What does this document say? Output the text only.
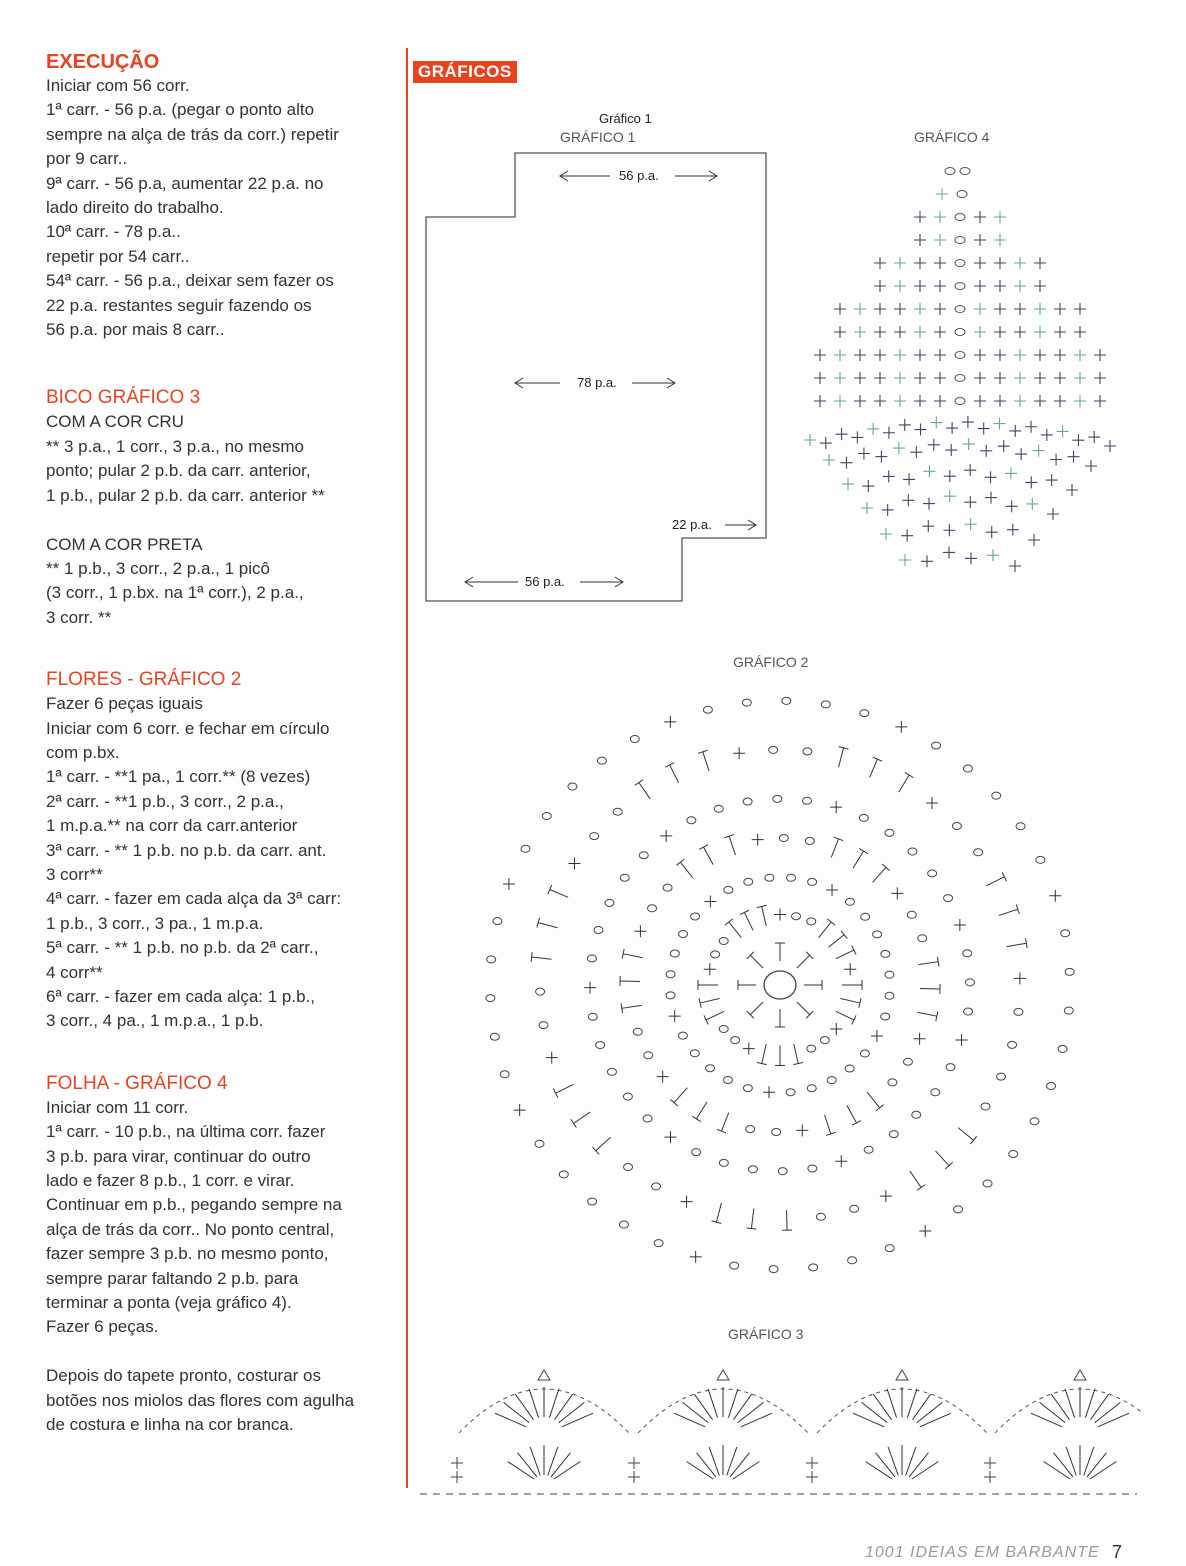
EXECUÇÃO
Iniciar com 56 corr.
1ª carr. - 56 p.a. (pegar o ponto alto
sempre na alça de trás da corr.) repetir
por 9 carr..
9ª carr. - 56 p.a, aumentar 22 p.a. no
lado direito do trabalho.
10ª carr. - 78 p.a..
repetir por 54 carr..
54ª carr. - 56 p.a., deixar sem fazer os
22 p.a. restantes seguir fazendo os
56 p.a. por mais 8 carr..
BICO GRÁFICO 3
COM A COR CRU
** 3 p.a., 1 corr., 3 p.a., no mesmo
ponto; pular 2 p.b. da carr. anterior,
1 p.b., pular 2 p.b. da carr. anterior **

COM A COR PRETA
** 1 p.b., 3 corr., 2 p.a., 1 picô
(3 corr., 1 p.bx. na 1ª corr.), 2 p.a.,
3 corr. **
FLORES - GRÁFICO 2
Fazer 6 peças iguais
Iniciar com 6 corr. e fechar em círculo
com p.bx.
1ª carr. - **1 pa., 1 corr.** (8 vezes)
2ª carr. - **1 p.b., 3 corr., 2 p.a.,
1 m.p.a.** na corr da carr.anterior
3ª carr. - ** 1 p.b. no p.b. da carr. ant.
3 corr**
4ª carr. - fazer em cada alça da 3ª carr:
1 p.b., 3 corr., 3 pa., 1 m.p.a.
5ª carr. - ** 1 p.b. no p.b. da 2ª carr.,
4 corr**
6ª carr. - fazer em cada alça: 1 p.b.,
3 corr., 4 pa., 1 m.p.a., 1 p.b.
FOLHA - GRÁFICO 4
Iniciar com 11 corr.
1ª carr. - 10 p.b., na última corr. fazer
3 p.b. para virar, continuar do outro
lado e fazer 8 p.b., 1 corr. e virar.
Continuar em p.b., pegando sempre na
alça de trás da corr.. No ponto central,
fazer sempre 3 p.b. no mesmo ponto,
sempre parar faltando 2 p.b. para
terminar a ponta (veja gráfico 4).
Fazer 6 peças.

Depois do tapete pronto, costurar os
botões nos miolos das flores com agulha
de costura e linha na cor branca.
GRÁFICOS
Gráfico 1
GRÁFICO 1
56 p.a.
78 p.a.
22 p.a.
56 p.a.
GRÁFICO 4
GRÁFICO 2
GRÁFICO 3
1001 IDEIAS EM BARBANTE 7
